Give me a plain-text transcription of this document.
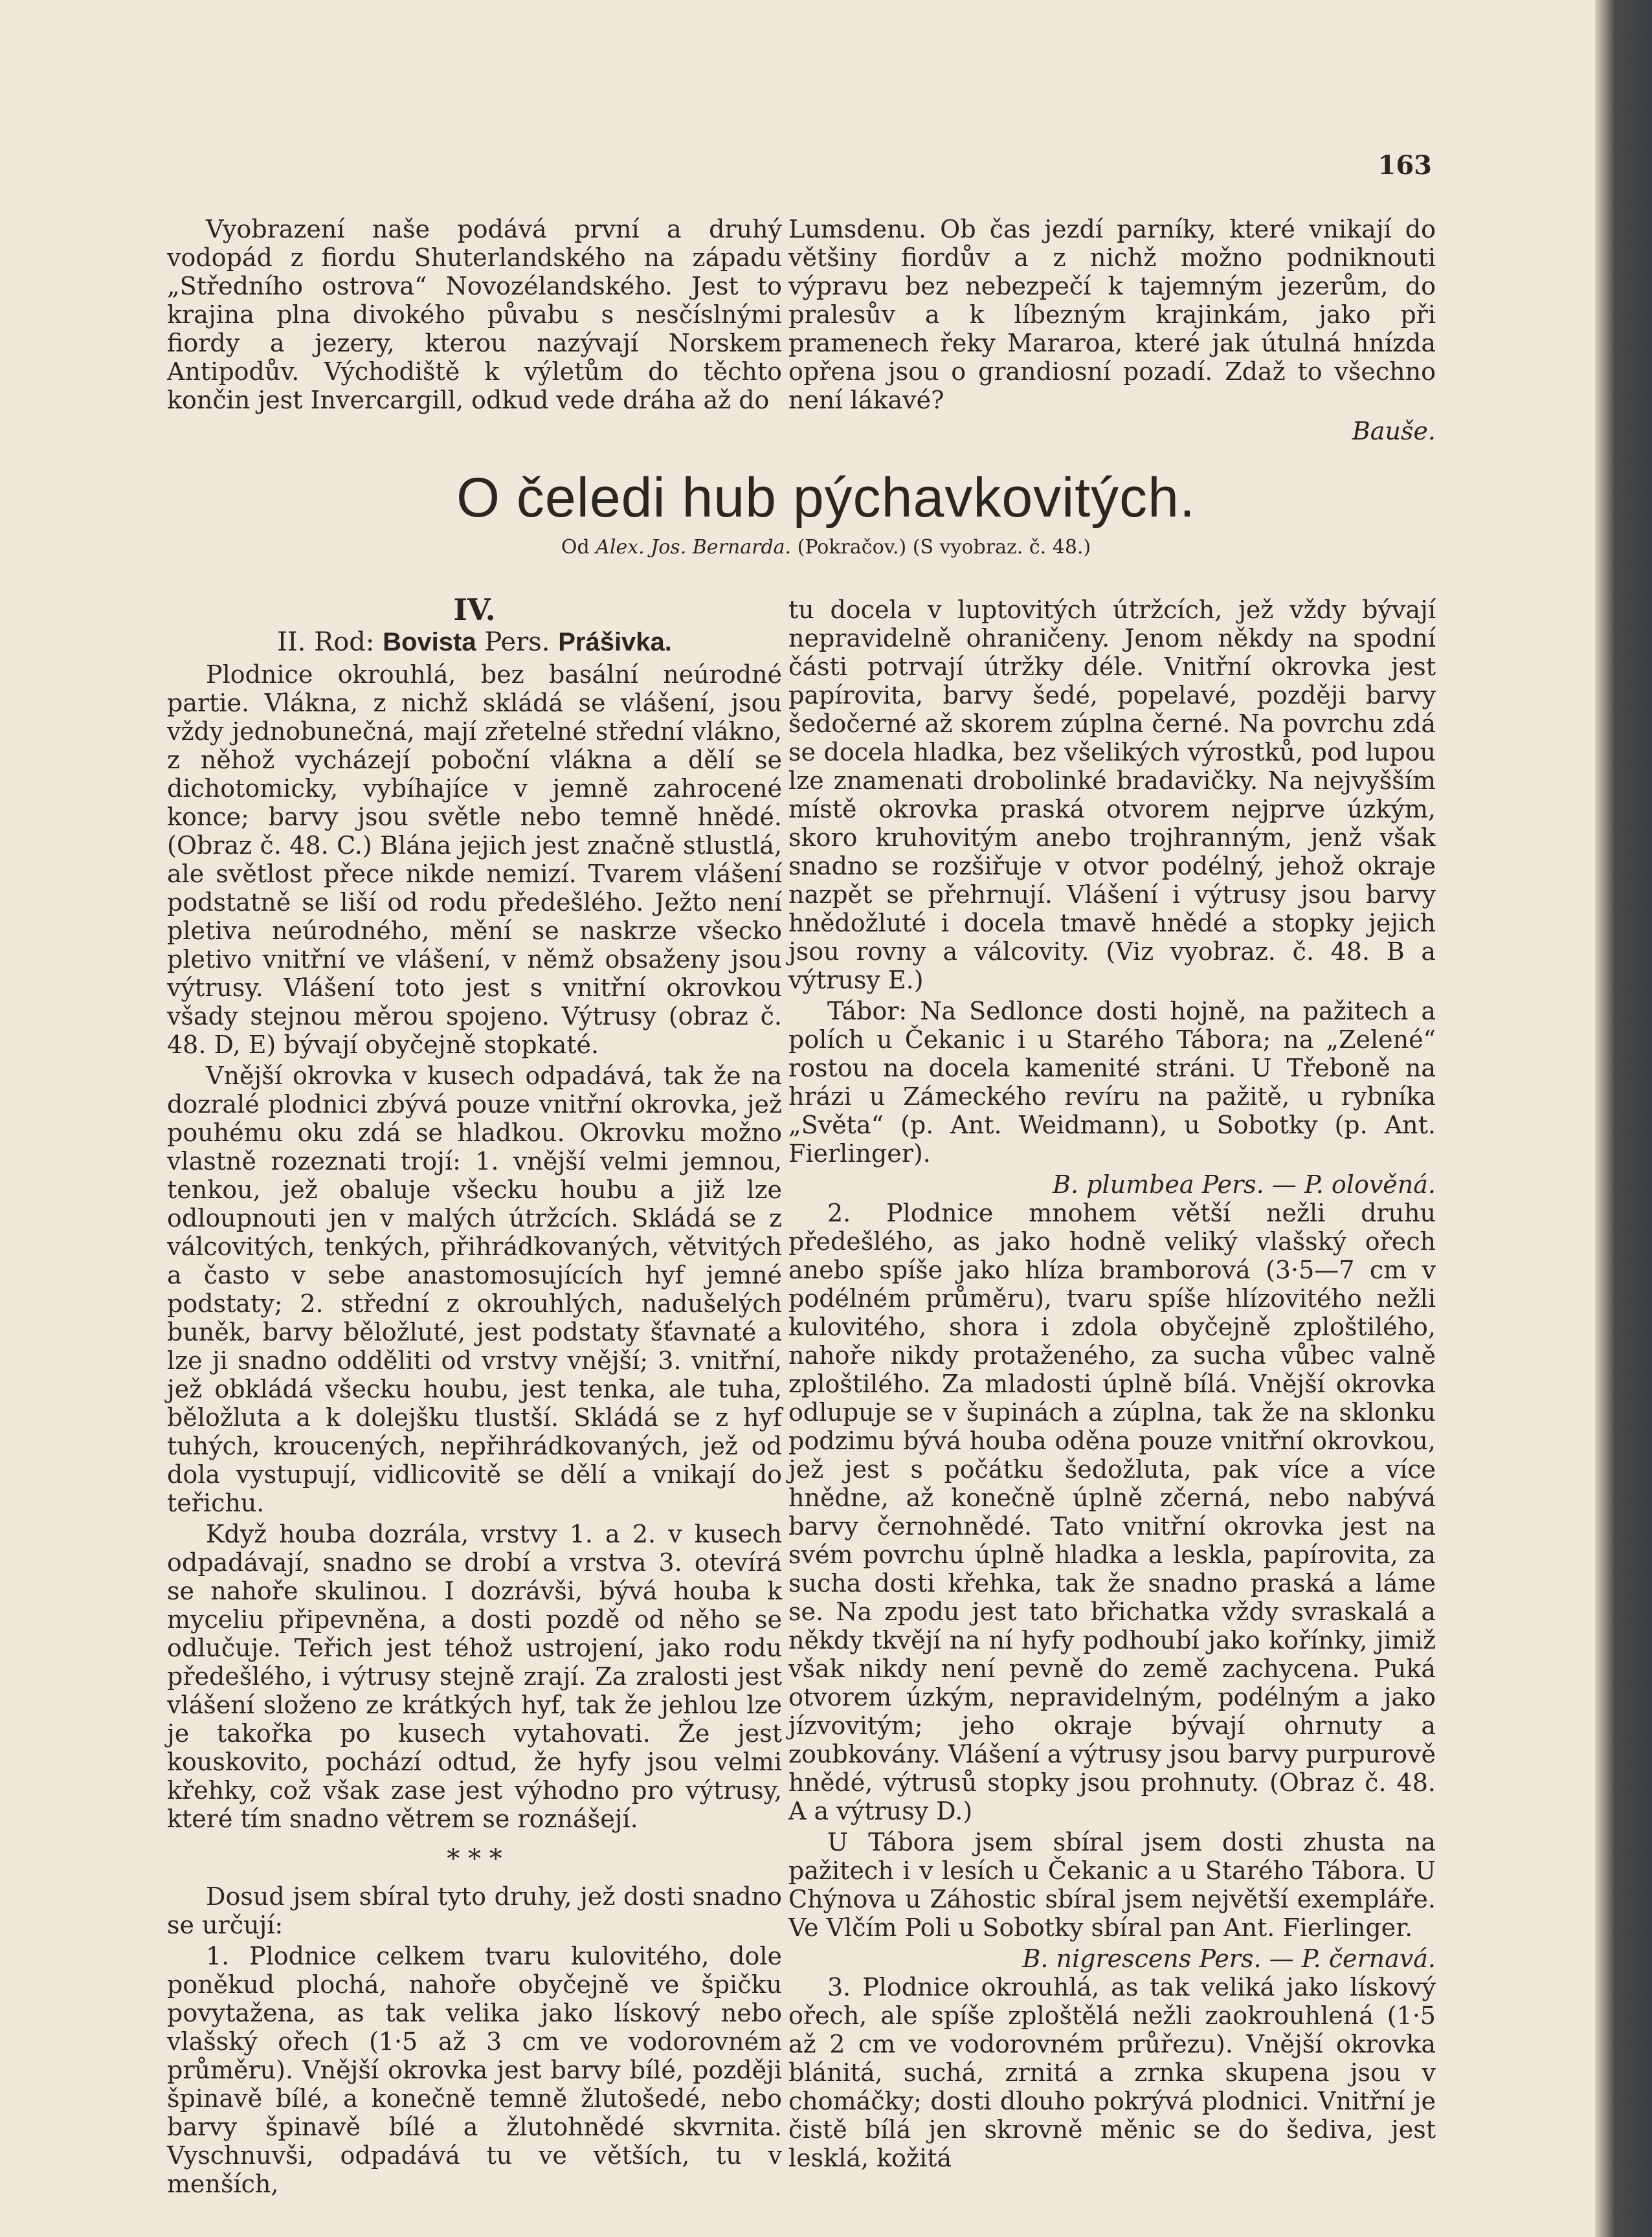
163

Vyobrazení naše podává první a druhý vodopád z fiordu Shuterlandského na západu „Středního ostrova“ Novozélandského. Jest to krajina plna divokého půvabu s nesčíslnými fiordy a jezery, kterou nazývají Norskem Antipodův. Východiště k výletům do těchto končin jest Invercargill, odkud vede dráha až do

Lumsdenu. Ob čas jezdí parníky, které vnikají do většiny fiordův a z nichž možno podniknouti výpravu bez nebezpečí k tajemným jezerům, do pralesův a k líbezným krajinkám, jako při pramenech řeky Mararoa, které jak útulná hnízda opřena jsou o grandiosní pozadí. Zdaž to všechno není lákavé?

Bauše.
O čeledi hub pýchavkovitých.
Od Alex. Jos. Bernarda. (Pokračov.) (S vyobraz. č. 48.)
IV.
II. Rod: Bovista Pers. Prášivka.

Plodnice okrouhlá, bez basální neúrodné partie. Vlákna, z nichž skládá se vlášení, jsou vždy jednobunečná, mají zřetelné střední vlákno, z něhož vycházejí poboční vlákna a dělí se dichotomicky, vybíhajíce v jemně zahrocené konce; barvy jsou světle nebo temně hnědé. (Obraz č. 48. C.) Blána jejich jest značně stlustlá, ale světlost přece nikde nemizí. Tvarem vlášení podstatně se liší od rodu předešlého. Ježto není pletiva neúrodného, mění se naskrze všecko pletivo vnitřní ve vlášení, v němž obsaženy jsou výtrusy. Vlášení toto jest s vnitřní okrovkou všady stejnou měrou spojeno. Výtrusy (obraz č. 48. D, E) bývají obyčejně stopkaté.

Vnější okrovka v kusech odpadává, tak že na dozralé plodnici zbývá pouze vnitřní okrovka, jež pouhému oku zdá se hladkou. Okrovku možno vlastně rozeznati trojí: 1. vnější velmi jemnou, tenkou, jež obaluje všecku houbu a již lze odloupnouti jen v malých útržcích. Skládá se z válcovitých, tenkých, přihrádkovaných, větvitých a často v sebe anastomosujících hyf jemné podstaty; 2. střední z okrouhlých, nadušelých buněk, barvy běložluté, jest podstaty šťavnaté a lze ji snadno odděliti od vrstvy vnější; 3. vnitřní, jež obkládá všecku houbu, jest tenka, ale tuha, běložluta a k dolejšku tlustší. Skládá se z hyf tuhých, kroucených, nepřihrádkovaných, jež od dola vystupují, vidlicovitě se dělí a vnikají do teřichu.

Když houba dozrála, vrstvy 1. a 2. v kusech odpadávají, snadno se drobí a vrstva 3. otevírá se nahoře skulinou. I dozrávši, bývá houba k myceliu připevněna, a dosti pozdě od něho se odlučuje. Teřich jest téhož ustrojení, jako rodu předešlého, i výtrusy stejně zrají. Za zralosti jest vlášení složeno ze krátkých hyf, tak že jehlou lze je takořka po kusech vytahovati. Že jest kouskovito, pochází odtud, že hyfy jsou velmi křehky, což však zase jest výhodno pro výtrusy, které tím snadno větrem se roznášejí.

* * *

Dosud jsem sbíral tyto druhy, jež dosti snadno se určují:

1. Plodnice celkem tvaru kulovitého, dole poněkud plochá, nahoře obyčejně ve špičku povytažena, as tak velika jako lískový nebo vlašský ořech (1·5 až 3 cm ve vodorovném průměru). Vnější okrovka jest barvy bílé, později špinavě bílé, a konečně temně žlutošedé, nebo barvy špinavě bílé a žlutohnědé skvrnita. Vyschnuvši, odpadává tu ve větších, tu v menších,

tu docela v luptovitých útržcích, jež vždy bývají nepravidelně ohraničeny. Jenom někdy na spodní části potrvají útržky déle. Vnitřní okrovka jest papírovita, barvy šedé, popelavé, později barvy šedočerné až skorem zúplna černé. Na povrchu zdá se docela hladka, bez všelikých výrostků, pod lupou lze znamenati drobolinké bradavičky. Na nejvyšším místě okrovka praská otvorem nejprve úzkým, skoro kruhovitým anebo trojhranným, jenž však snadno se rozšiřuje v otvor podélný, jehož okraje nazpět se přehrnují. Vlášení i výtrusy jsou barvy hnědožluté i docela tmavě hnědé a stopky jejich jsou rovny a válcovity. (Viz vyobraz. č. 48. B a výtrusy E.)

Tábor: Na Sedlonce dosti hojně, na pažitech a polích u Čekanic i u Starého Tábora; na „Zelené“ rostou na docela kamenité stráni. U Třeboně na hrázi u Zámeckého revíru na pažitě, u rybníka „Světa“ (p. Ant. Weidmann), u Sobotky (p. Ant. Fierlinger).

B. plumbea Pers. — P. olověná.

2. Plodnice mnohem větší nežli druhu předešlého, as jako hodně veliký vlašský ořech anebo spíše jako hlíza bramborová (3·5—7 cm v podélném průměru), tvaru spíše hlízovitého nežli kulovitého, shora i zdola obyčejně zploštilého, nahoře nikdy protaženého, za sucha vůbec valně zploštilého. Za mladosti úplně bílá. Vnější okrovka odlupuje se v šupinách a zúplna, tak že na sklonku podzimu bývá houba oděna pouze vnitřní okrovkou, jež jest s počátku šedožluta, pak více a více hnědne, až konečně úplně zčerná, nebo nabývá barvy černohnědé. Tato vnitřní okrovka jest na svém povrchu úplně hladka a leskla, papírovita, za sucha dosti křehka, tak že snadno praská a láme se. Na zpodu jest tato břichatka vždy svraskalá a někdy tkvějí na ní hyfy podhoubí jako kořínky, jimiž však nikdy není pevně do země zachycena. Puká otvorem úzkým, nepravidelným, podélným a jako jízvovitým; jeho okraje bývají ohrnuty a zoubkovány. Vlášení a výtrusy jsou barvy purpurově hnědé, výtrusů stopky jsou prohnuty. (Obraz č. 48. A a výtrusy D.)

U Tábora jsem sbíral jsem dosti zhusta na pažitech i v lesích u Čekanic a u Starého Tábora. U Chýnova u Záhostic sbíral jsem největší exempláře. Ve Vlčím Poli u Sobotky sbíral pan Ant. Fierlinger.

B. nigrescens Pers. — P. černavá.

3. Plodnice okrouhlá, as tak veliká jako lískový ořech, ale spíše zploštělá nežli zaokrouhlená (1·5 až 2 cm ve vodorovném průřezu). Vnější okrovka blánitá, suchá, zrnitá a zrnka skupena jsou v chomáčky; dosti dlouho pokrývá plodnici. Vnitřní je čistě bílá jen skrovně měnic se do šediva, jest lesklá, kožitá
